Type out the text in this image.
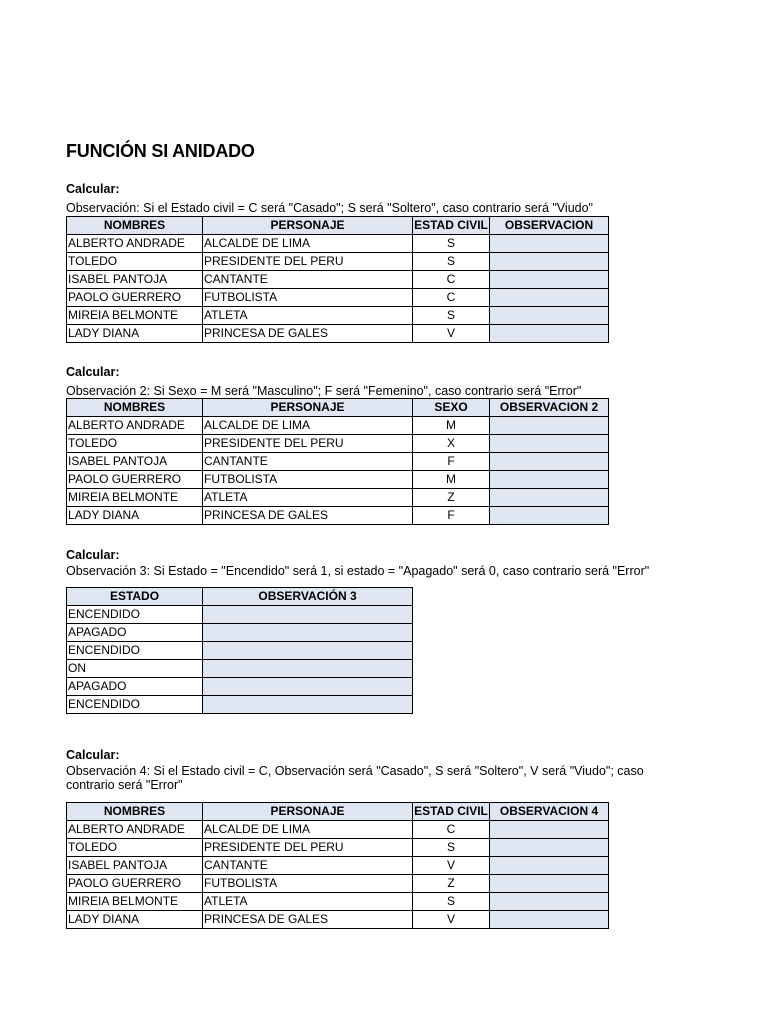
FUNCIÓN SI ANIDADO
Calcular:
Observación: Si el Estado civil = C será "Casado"; S será "Soltero", caso contrario será "Viudo"
NOMBRES	PERSONAJE	ESTAD CIVIL	OBSERVACION
ALBERTO ANDRADE	ALCALDE DE LIMA	S	
TOLEDO	PRESIDENTE DEL PERU	S	
ISABEL PANTOJA	CANTANTE	C	
PAOLO GUERRERO	FUTBOLISTA	C	
MIREIA BELMONTE	ATLETA	S	
LADY DIANA	PRINCESA DE GALES	V	
Calcular:
Observación 2: Si Sexo = M será "Masculino"; F será "Femenino", caso contrario será "Error"
NOMBRES	PERSONAJE	SEXO	OBSERVACION 2
ALBERTO ANDRADE	ALCALDE DE LIMA	M	
TOLEDO	PRESIDENTE DEL PERU	X	
ISABEL PANTOJA	CANTANTE	F	
PAOLO GUERRERO	FUTBOLISTA	M	
MIREIA BELMONTE	ATLETA	Z	
LADY DIANA	PRINCESA DE GALES	F	
Calcular:
Observación 3: Si Estado = "Encendido" será 1, si estado = "Apagado" será 0, caso contrario será "Error"
ESTADO	OBSERVACIÓN 3
ENCENDIDO	
APAGADO	
ENCENDIDO	
ON	
APAGADO	
ENCENDIDO	
Calcular:
Observación 4: Si el Estado civil = C, Observación será "Casado", S será "Soltero", V será "Viudo"; caso contrario será "Error"
NOMBRES	PERSONAJE	ESTAD CIVIL	OBSERVACION 4
ALBERTO ANDRADE	ALCALDE DE LIMA	C	
TOLEDO	PRESIDENTE DEL PERU	S	
ISABEL PANTOJA	CANTANTE	V	
PAOLO GUERRERO	FUTBOLISTA	Z	
MIREIA BELMONTE	ATLETA	S	
LADY DIANA	PRINCESA DE GALES	V	
